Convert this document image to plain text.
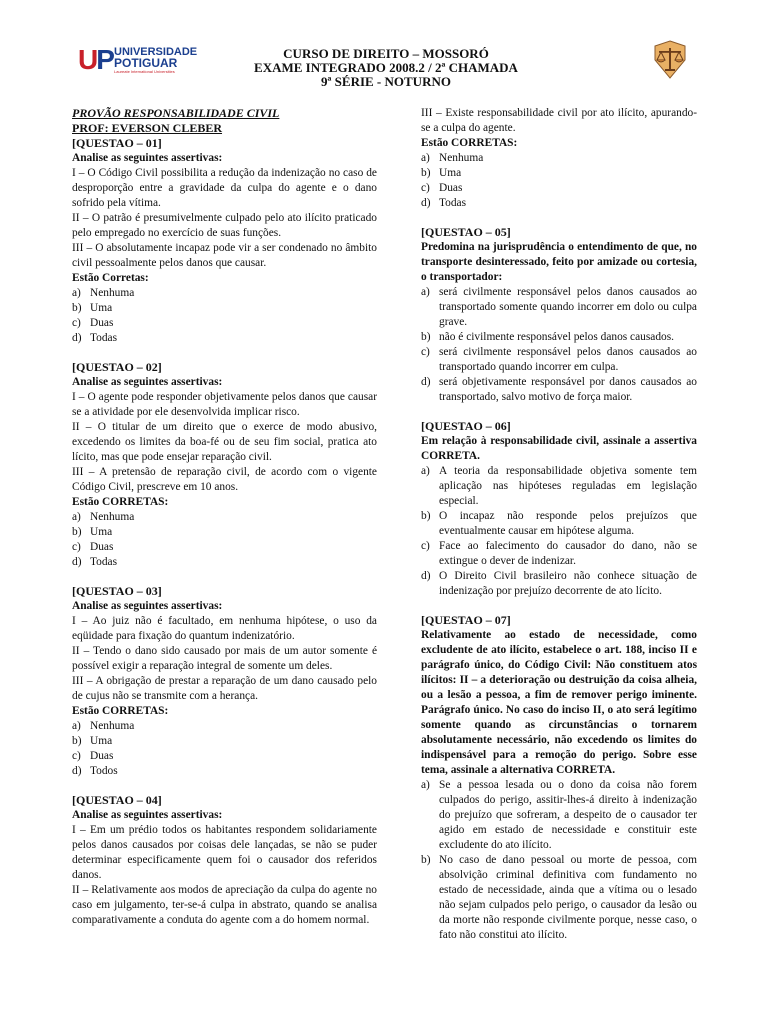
UP UNIVERSIDADE
POTIGUAR
Laureate International Universities
CURSO DE DIREITO – MOSSORÓ
EXAME INTEGRADO 2008.2 / 2ª CHAMADA
9ª SÉRIE - NOTURNO

PROVÃO RESPONSABILIDADE CIVIL

PROF: EVERSON CLEBER

[QUESTAO – 01]

Analise as seguintes assertivas:

I – O Código Civil possibilita a redução da indenização no caso de desproporção entre a gravidade da culpa do agente e o dano sofrido pela vítima.

II – O patrão é presumivelmente culpado pelo ato ilícito praticado pelo empregado no exercício de suas funções.

III – O absolutamente incapaz pode vir a ser condenado no âmbito civil pessoalmente pelos danos que causar.

Estão Corretas:

a) Nenhuma
b) Uma
c) Duas
d) Todas

[QUESTAO – 02]

Analise as seguintes assertivas:

I – O agente pode responder objetivamente pelos danos que causar se a atividade por ele desenvolvida implicar risco.

II – O titular de um direito que o exerce de modo abusivo, excedendo os limites da boa-fé ou de seu fim social, pratica ato lícito, mas que pode ensejar reparação civil.

III – A pretensão de reparação civil, de acordo com o vigente Código Civil, prescreve em 10 anos.

Estão CORRETAS:

a) Nenhuma
b) Uma
c) Duas
d) Todas

[QUESTAO – 03]

Analise as seguintes assertivas:

I – Ao juiz não é facultado, em nenhuma hipótese, o uso da eqüidade para fixação do quantum indenizatório.

II – Tendo o dano sido causado por mais de um autor somente é possível exigir a reparação integral de somente um deles.

III – A obrigação de prestar a reparação de um dano causado pelo de cujus não se transmite com a herança.

Estão CORRETAS:

a) Nenhuma
b) Uma
c) Duas
d) Todos

[QUESTAO – 04]

Analise as seguintes assertivas:

I – Em um prédio todos os habitantes respondem solidariamente pelos danos causados por coisas dele lançadas, se não se puder determinar especificamente quem foi o causador dos referidos danos.

II – Relativamente aos modos de apreciação da culpa do agente no caso em julgamento, ter-se-á culpa in abstrato, quando se analisa comparativamente a conduta do agente com a do homem normal.

III – Existe responsabilidade civil por ato ilícito, apurando-se a culpa do agente.

Estão CORRETAS:

a) Nenhuma
b) Uma
c) Duas
d) Todas

[QUESTAO – 05]

Predomina na jurisprudência o entendimento de que, no transporte desinteressado, feito por amizade ou cortesia, o transportador:

a) será civilmente responsável pelos danos causados ao transportado somente quando incorrer em dolo ou culpa grave.
b) não é civilmente responsável pelos danos causados.
c) será civilmente responsável pelos danos causados ao transportado quando incorrer em culpa.
d) será objetivamente responsável por danos causados ao transportado, salvo motivo de força maior.

[QUESTAO – 06]

Em relação à responsabilidade civil, assinale a assertiva CORRETA.

a) A teoria da responsabilidade objetiva somente tem aplicação nas hipóteses reguladas em legislação especial.
b) O incapaz não responde pelos prejuízos que eventualmente causar em hipótese alguma.
c) Face ao falecimento do causador do dano, não se extingue o dever de indenizar.
d) O Direito Civil brasileiro não conhece situação de indenização por prejuízo decorrente de ato lícito.

[QUESTAO – 07]

Relativamente ao estado de necessidade, como excludente de ato ilícito, estabelece o art. 188, inciso II e parágrafo único, do Código Civil: Não constituem atos ilícitos: II – a deterioração ou destruição da coisa alheia, ou a lesão a pessoa, a fim de remover perigo iminente. Parágrafo único. No caso do inciso II, o ato será legítimo somente quando as circunstâncias o tornarem absolutamente necessário, não excedendo os limites do indispensável para a remoção do perigo. Sobre esse tema, assinale a alternativa CORRETA.

a) Se a pessoa lesada ou o dono da coisa não forem culpados do perigo, assitir-lhes-á direito à indenização do prejuízo que sofreram, a despeito de o causador ter agido em estado de necessidade e constituir este excludente do ato ilícito.
b) No caso de dano pessoal ou morte de pessoa, com absolvição criminal definitiva com fundamento no estado de necessidade, ainda que a vítima ou o lesado não sejam culpados pelo perigo, o causador da lesão ou da morte não responde civilmente porque, nesse caso, o fato não constitui ato ilícito.
